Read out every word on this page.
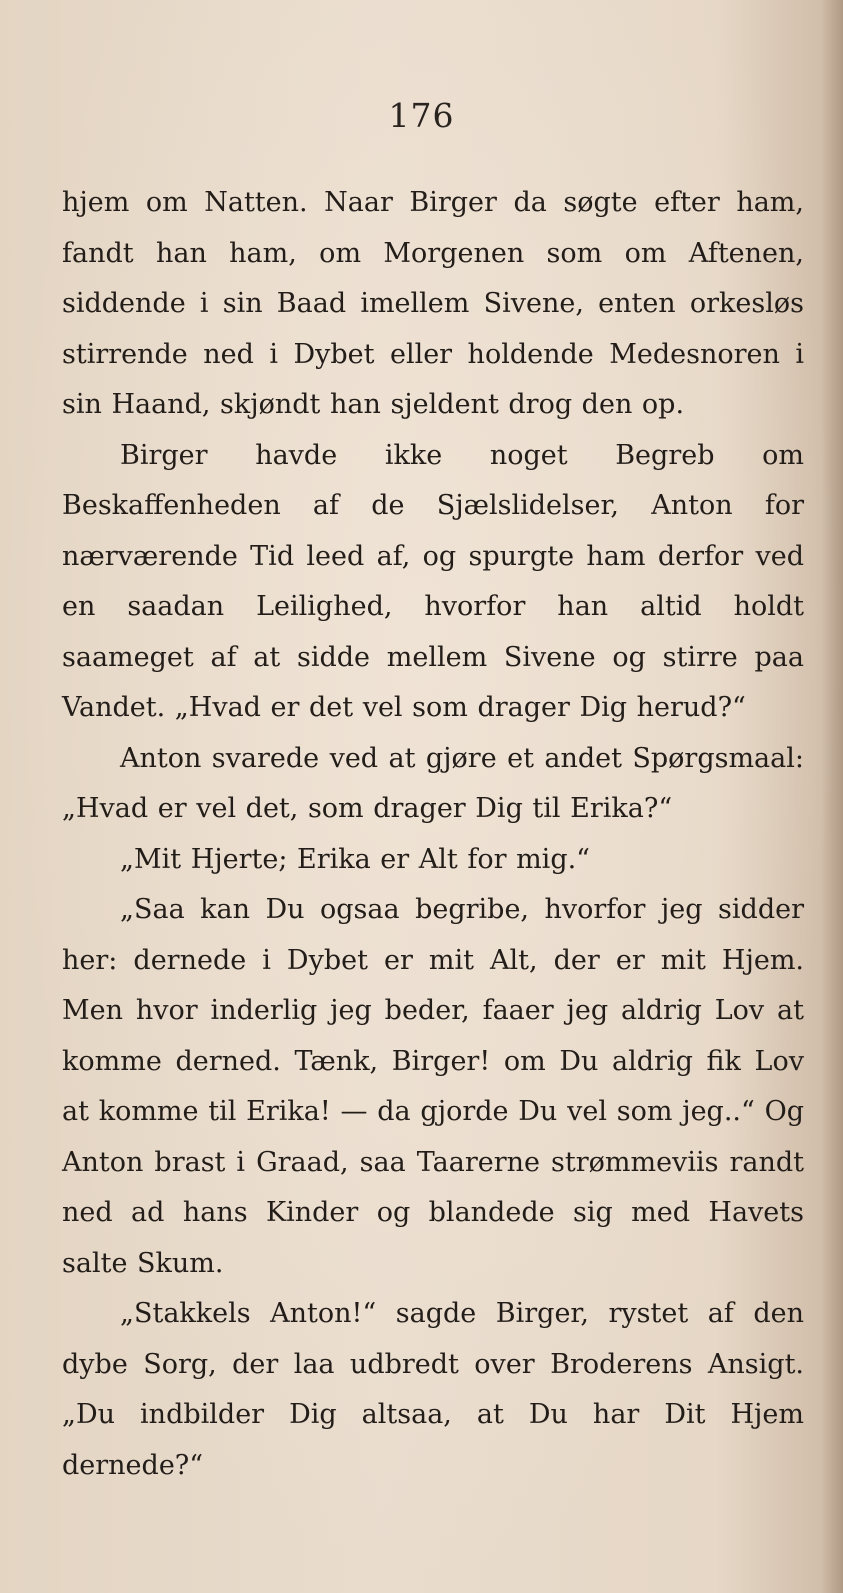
176

hjem om Natten. Naar Birger da søgte efter ham, fandt han ham, om Morgenen som om Aftenen, siddende i sin Baad imellem Sivene, enten orkesløs stirrende ned i Dybet eller holdende Medesnoren i sin Haand, skjøndt han sjeldent drog den op.

Birger havde ikke noget Begreb om Beskaffenheden af de Sjælslidelser, Anton for nærværende Tid leed af, og spurgte ham derfor ved en saadan Leilighed, hvorfor han altid holdt saameget af at sidde mellem Sivene og stirre paa Vandet. „Hvad er det vel som drager Dig herud?“

Anton svarede ved at gjøre et andet Spørgsmaal: „Hvad er vel det, som drager Dig til Erika?“

„Mit Hjerte; Erika er Alt for mig.“

„Saa kan Du ogsaa begribe, hvorfor jeg sidder her: dernede i Dybet er mit Alt, der er mit Hjem. Men hvor inderlig jeg beder, faaer jeg aldrig Lov at komme derned. Tænk, Birger! om Du aldrig fik Lov at komme til Erika! — da gjorde Du vel som jeg..“ Og Anton brast i Graad, saa Taarerne strømmeviis randt ned ad hans Kinder og blandede sig med Havets salte Skum.

„Stakkels Anton!“ sagde Birger, rystet af den dybe Sorg, der laa udbredt over Broderens Ansigt. „Du indbilder Dig altsaa, at Du har Dit Hjem dernede?“
